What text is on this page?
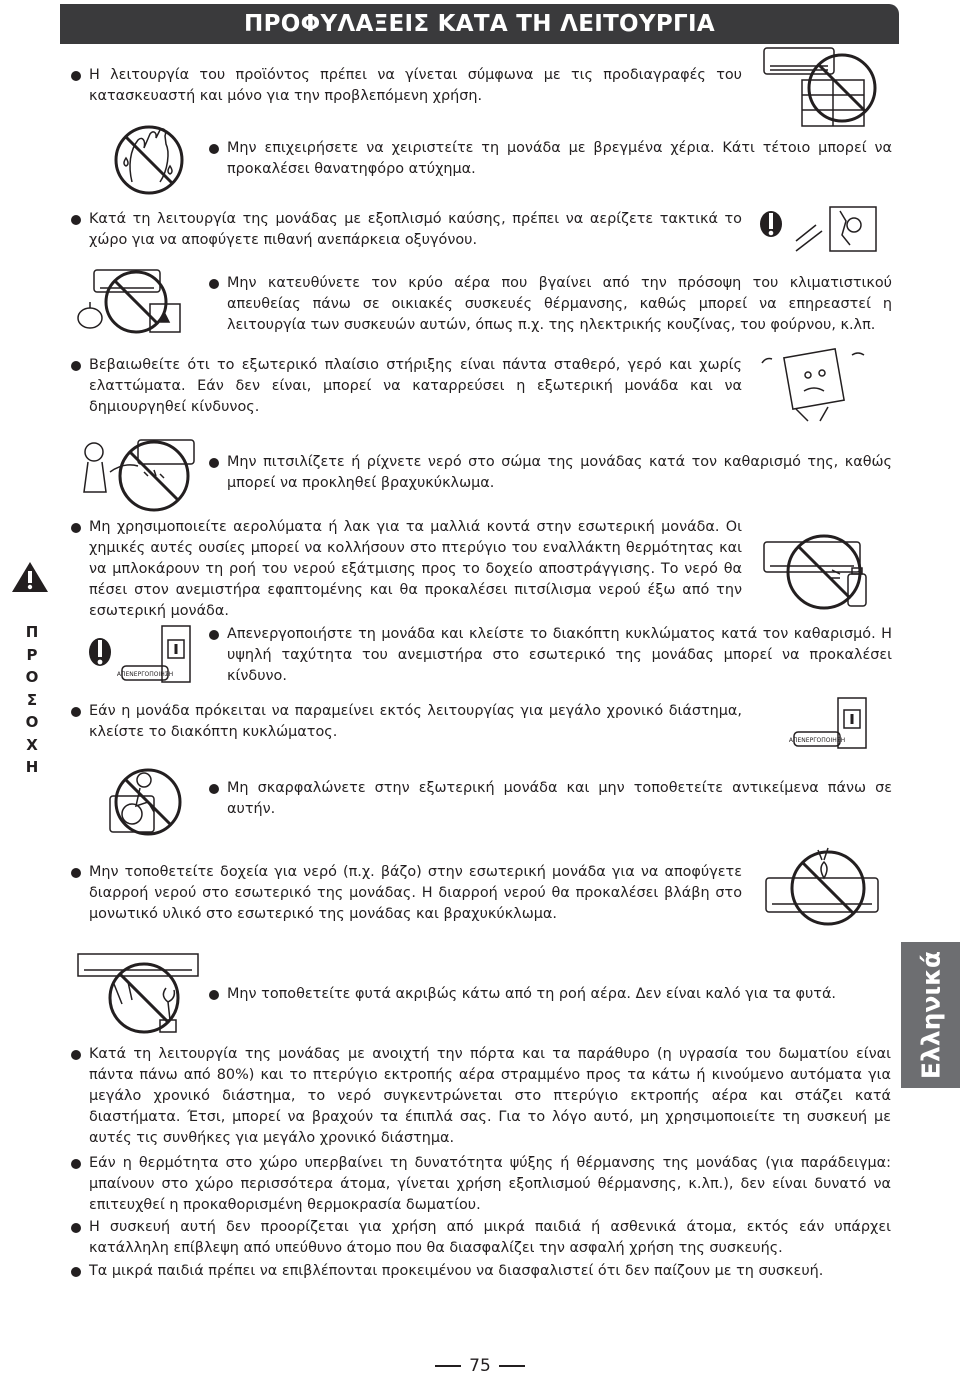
ΠΡΟΦΥΛΑΞΕΙΣ ΚΑΤΑ ΤΗ ΛΕΙΤΟΥΡΓΙΑ

Η λειτουργία του προϊόντος πρέπει να γίνεται σύμφωνα με τις προδιαγραφές του κατασκευαστή και μόνο για την προβλεπόμενη χρήση.

Μην επιχειρήσετε να χειριστείτε τη μονάδα με βρεγμένα χέρια. Κάτι τέτοιο μπορεί να προκαλέσει θανατηφόρο ατύχημα.

Κατά τη λειτουργία της μονάδας με εξοπλισμό καύσης, πρέπει να αερίζετε τακτικά το χώρο για να αποφύγετε πιθανή ανεπάρκεια οξυγόνου.

Μην κατευθύνετε τον κρύο αέρα που βγαίνει από την πρόσοψη του κλιματιστικού απευθείας πάνω σε οικιακές συσκευές θέρμανσης, καθώς μπορεί να επηρεαστεί η λειτουργία των συσκευών αυτών, όπως π.χ. της ηλεκτρικής κουζίνας, του φούρνου, κ.λπ.

Βεβαιωθείτε ότι το εξωτερικό πλαίσιο στήριξης είναι πάντα σταθερό, γερό και χωρίς ελαττώματα. Εάν δεν είναι, μπορεί να καταρρεύσει η εξωτερική μονάδα και να δημιουργηθεί κίνδυνος.

Μην πιτσιλίζετε ή ρίχνετε νερό στο σώμα της μονάδας κατά τον καθαρισμό της, καθώς μπορεί να προκληθεί βραχυκύκλωμα.

Μη χρησιμοποιείτε αερολύματα ή λακ για τα μαλλιά κοντά στην εσωτερική μονάδα. Οι χημικές αυτές ουσίες μπορεί να κολλήσουν στο πτερύγιο του εναλλάκτη θερμότητας και να μπλοκάρουν τη ροή του νερού εξάτμισης προς το δοχείο αποστράγγισης. Το νερό θα πέσει στον ανεμιστήρα εφαπτομένης και θα προκαλέσει πιτσίλισμα νερού έξω από την εσωτερική μονάδα.

Απενεργοποιήστε τη μονάδα και κλείστε το διακόπτη κυκλώματος κατά τον καθαρισμό. Η υψηλή ταχύτητα του ανεμιστήρα στο εσωτερικό της μονάδας μπορεί να προκαλέσει κίνδυνο.

Εάν η μονάδα πρόκειται να παραμείνει εκτός λειτουργίας για μεγάλο χρονικό διάστημα, κλείστε το διακόπτη κυκλώματος.

Μη σκαρφαλώνετε στην εξωτερική μονάδα και μην τοποθετείτε αντικείμενα πάνω σε αυτήν.

Μην τοποθετείτε δοχεία για νερό (π.χ. βάζο) στην εσωτερική μονάδα για να αποφύγετε διαρροή νερού στο εσωτερικό της μονάδας. Η διαρροή νερού θα προκαλέσει βλάβη στο μονωτικό υλικό στο εσωτερικό της μονάδας και βραχυκύκλωμα.

Μην τοποθετείτε φυτά ακριβώς κάτω από τη ροή αέρα. Δεν είναι καλό για τα φυτά.

Κατά τη λειτουργία της μονάδας με ανοιχτή την πόρτα και τα παράθυρο (η υγρασία του δωματίου είναι πάντα πάνω από 80%) και το πτερύγιο εκτροπής αέρα στραμμένο προς τα κάτω ή κινούμενο αυτόματα για μεγάλο χρονικό διάστημα, το νερό συγκεντρώνεται στο πτερύγιο εκτροπής αέρα και στάζει κατά διαστήματα. Έτσι, μπορεί να βραχούν τα έπιπλά σας. Για το λόγο αυτό, μη χρησιμοποιείτε τη συσκευή με αυτές τις συνθήκες για μεγάλο χρονικό διάστημα.

Εάν η θερμότητα στο χώρο υπερβαίνει τη δυνατότητα ψύξης ή θέρμανσης της μονάδας (για παράδειγμα: μπαίνουν στο χώρο περισσότερα άτομα, γίνεται χρήση εξοπλισμού θέρμανσης, κ.λπ.), δεν είναι δυνατό να επιτευχθεί η προκαθορισμένη θερμοκρασία δωματίου.

Η συσκευή αυτή δεν προορίζεται για χρήση από μικρά παιδιά ή ασθενικά άτομα, εκτός εάν υπάρχει κατάλληλη επίβλεψη από υπεύθυνο άτομο που θα διασφαλίζει την ασφαλή χρήση της συσκευής.

Τα μικρά παιδιά πρέπει να επιβλέπονται προκειμένου να διασφαλιστεί ότι δεν παίζουν με τη συσκευή.

ΑΠΕΝΕΡΓΟΠΟΙΗΣΗ
ΑΠΕΝΕΡΓΟΠΟΙΗΣΗ
Π
Ρ
Ο
Σ
Ο
Χ
Η
Ελληνικά
75
